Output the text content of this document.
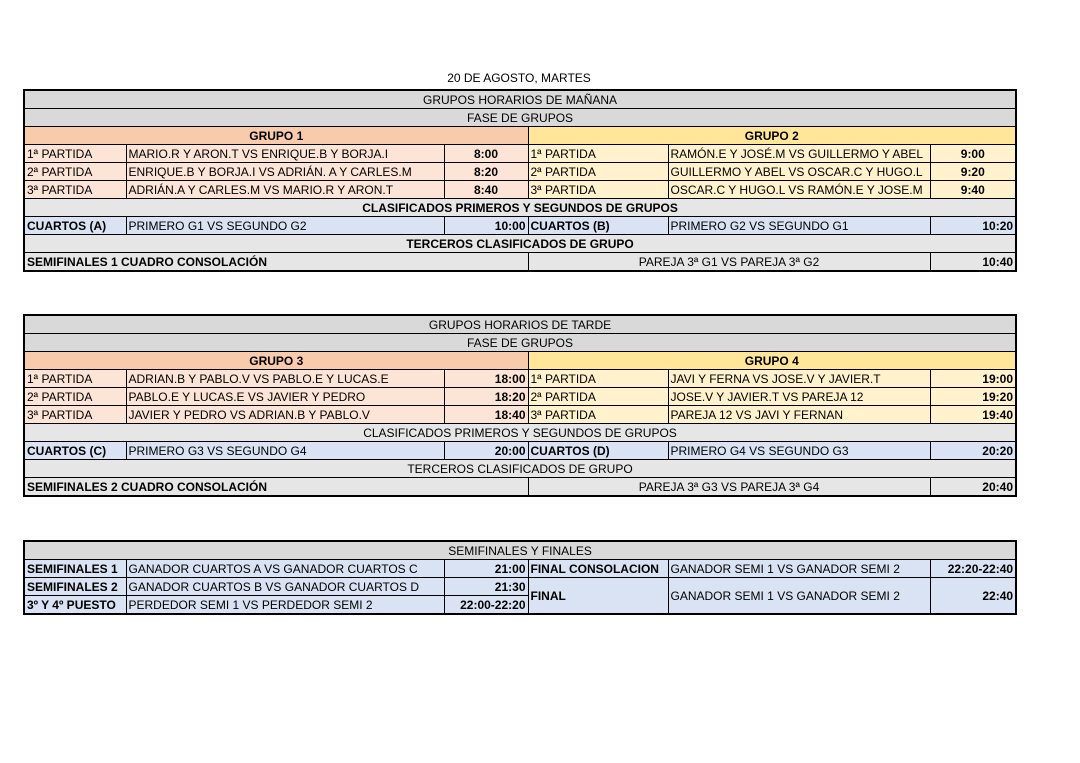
20 DE AGOSTO, MARTES
GRUPOS HORARIOS DE MAÑANA					
FASE DE GRUPOS					
GRUPO 1			GRUPO 2		
1ª PARTIDA	MARIO.R Y ARON.T VS ENRIQUE.B Y BORJA.I	8:00	1ª PARTIDA	RAMÓN.E Y JOSÉ.M VS GUILLERMO Y ABEL	9:00
2ª PARTIDA	ENRIQUE.B Y BORJA.I VS ADRIÁN. A Y CARLES.M	8:20	2ª PARTIDA	GUILLERMO Y ABEL VS OSCAR.C Y HUGO.L	9:20
3ª PARTIDA	ADRIÁN.A Y CARLES.M VS MARIO.R Y ARON.T	8:40	3ª PARTIDA	OSCAR.C Y HUGO.L VS RAMÓN.E Y JOSE.M	9:40
CLASIFICADOS PRIMEROS Y SEGUNDOS DE GRUPOS					
CUARTOS (A)	PRIMERO G1 VS SEGUNDO G2	10:00	CUARTOS (B)	PRIMERO G2 VS SEGUNDO G1	10:20
TERCEROS CLASIFICADOS DE GRUPO					
SEMIFINALES 1 CUADRO CONSOLACIÓN			PAREJA 3ª G1 VS PAREJA 3ª G2		10:40
GRUPOS HORARIOS DE TARDE					
FASE DE GRUPOS					
GRUPO 3			GRUPO 4		
1ª PARTIDA	ADRIAN.B Y PABLO.V VS PABLO.E Y LUCAS.E	18:00	1ª PARTIDA	JAVI Y FERNA VS JOSE.V Y JAVIER.T	19:00
2ª PARTIDA	PABLO.E Y LUCAS.E VS JAVIER Y PEDRO	18:20	2ª PARTIDA	JOSE.V Y JAVIER.T VS PAREJA 12	19:20
3ª PARTIDA	JAVIER Y PEDRO VS ADRIAN.B Y PABLO.V	18:40	3ª PARTIDA	PAREJA 12 VS JAVI Y FERNAN	19:40
CLASIFICADOS PRIMEROS Y SEGUNDOS DE GRUPOS					
CUARTOS (C)	PRIMERO G3 VS SEGUNDO G4	20:00	CUARTOS (D)	PRIMERO G4 VS SEGUNDO G3	20:20
TERCEROS CLASIFICADOS DE GRUPO					
SEMIFINALES 2 CUADRO CONSOLACIÓN			PAREJA 3ª G3 VS PAREJA 3ª G4		20:40
SEMIFINALES Y FINALES					
SEMIFINALES 1	GANADOR CUARTOS A VS GANADOR CUARTOS C	21:00	FINAL CONSOLACION	GANADOR SEMI 1 VS GANADOR SEMI 2	22:20-22:40
SEMIFINALES 2	GANADOR CUARTOS B VS GANADOR CUARTOS D	21:30	FINAL	GANADOR SEMI 1 VS GANADOR SEMI 2	22:40
3º Y 4º PUESTO	PERDEDOR SEMI 1 VS PERDEDOR SEMI 2	22:00-22:20			
